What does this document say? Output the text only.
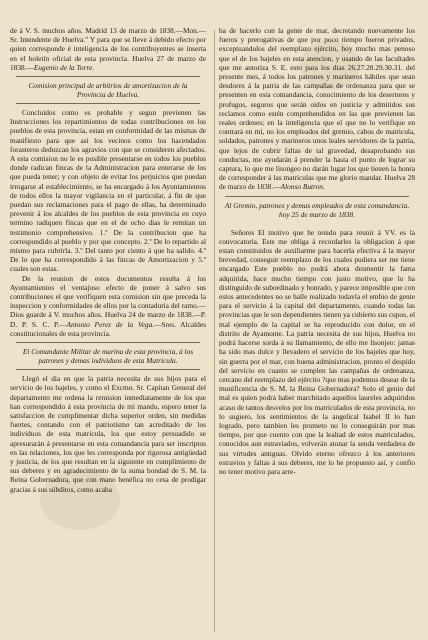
de á V. S. muchos años. Madrid 13 de marzo de 1838.—Mon.—Sr. Intendente de Huelva." Y para que se lleve á debido efecto por quien corresponde é inteligencia de los contribuyentes se inserta en el boletín oficial de esta provincia. Huelva 27 de marzo de 1838.—Eugenio de la Torre.

Comision principal de arbitrios de amortizacion de la Provincia de Huelva.

Concluidos como es probable y segun previenen las Instrucciones los repartimientos de todas contribuciones en los pueblos de esta provincia, estan en conformidad de las mismas de manifiesto para que asi los vecinos como los hacendados forasteros deduzcan los agravios con que se consideren afectados. A esta comision no le es posible presentarse en todos los pueblos donde radican fincas de la Administracion para enterarse de los que pueda tener; y con objeto de evitar los perjuicios que puedan irrogarse al establecimiento, se ha encargado á los Ayuntamientos de todos ellos la mayor vigilancia en el particular, á fin de que puedan sus reclamaciones para el pago de ellas, ha determinado prevenir á los alcaldes de los pueblos de esta provincia en cuyo termino radiquen fincas que en el de ocho dias le remitan un testimonio comprehensivo. 1.º De la contribucion que ha correspondido al pueblo y por que concepto. 2.º De lo repartido al mismo para cubrirla. 3.º Del tanto por ciento á que ha salido. 4.º De lo que ha correspondido á las fincas de Amortizacion y 5.º cuales son estas.

De la reunion de estos documentos resulta á los Ayuntamientos el ventajoso efecto de poner á salvo sus contribuciones el que verifiquen esta comision sin que preceda la inspeccion y conformidades de ellos por la contaduria del ramo.—Dios guarde á V. muchos años. Huelva 24 de marzo de 1838.—P. D. P. S. C. P.—Antonio Perez de la Vega.—Sres. Alcaldes constitucionales de esta provincia.

El Comandante Militar de marina de esta provincia, á los patrones y demas individuos de esta Matricula.

Llegó el dia en que la patria necesita de sus hijos para el servicio de los bajeles, y como el Excmo. Sr. Capitan General del departamento me ordena la remision inmediatamente de los que han correspondido á esta provincia de mi mando, espero tener la satisfaccion de cumplimentar dicha superior orden, sin medidas fuertes, contando con el patriotismo tan acreditado de los individuos de esta matricula, los que estoy persuadido se apresurarán á presentarse en esta comandancia para ser inscriptos en las relaciones, los que les corresponda por rigorosa antigüedad y justicia, de los que resultan en la siguiente en cumplimiento de sus deberes y en agradecimiento de la suma bondad de S. M. la Reina Gobernadora, que con mano benéfica no cesa de prodigar gracias á sus súbditos, como acaba

ba de hacerlo con la gente de mar, decretando nuevamente los fueros y prerogativas de que por poco tiempo fueron privados, exceptuandolos del reemplazo ejército, hoy mucho mas penoso que el de los bajeles en esta atencion, y usando de las facultades que me autoriza S. E. esto para los dias 26.27.28.29.30.31. del presente mes, á todos los patrones y marineros hábiles que sean desdores á la patria de las campañas de ordenanza para que se presenten en esta comandancia, conocimiento de los desertores y profugos, seguros que serán oidos en justicia y admitidos sus reclamos como estén comprehendidos en las que previenen las reales ordenes; en la inteligencia que el que no lo verifique en contrará en mí, no los empleados del gremio, cabos de matricula, soldados, patrones y marineros unos leales servidores de la patria, que lejos de cubrir faltas de tal gravedad, desaprobando sus conductas, me ayudarán á prender la hasta el punto de lograr su captura, lo que me lisongeo no darán lugar los que tienen la honra de corresponder á las matriculas que me glorio mandar. Huelva 28 de marzo de 1838.—Alonso Butron.

Al Gremio, patrones y demas empleados de esta comandancia, hoy 25 de marzo de 1838.

Señores El motivo que he tenido para reunir á VV. es la convocatoria. Este me obliga á recordarles la obligacion á que estan constituidos de auxiliarme para hacerla efectiva á la mayor brevedad, conseguir reemplazo de los cuales pudiera ser me tiene encargado Este pueblo no podrá ahora desmentir la fama adquirida, hace mucho tiempo con justo motivo, que lo ha distinguido de subordinado y honrado, y parece imposible que con estos antecedentes no se halle realizado todavía el embio de gente para el servicio á la capital del departamento, cuando todas las provincias que le son dependientes tienen ya cubierto sus cupos, el mal ejemplo de la capital se ha reproducido con dolor, en el distrito de Ayamonte. La patria necesita de sus hijos, Huelva no podrá hacerse sorda á su llamamiento, de ello me lisonjeo: jamas ha sido mas dulce y llevadero el servicio de los bajeles que hoy, sin guerra por el mar, con buena administracion, pronto el despido del servicio en cuanto se cumplen las campañas de ordenanza, cercano del reemplazo del ejército ?que mas podemos desear de la munificencia de S. M. la Reina Gobernadora? Solo el genio del mal es quien podrá haber marchitado aquellos laureles adquiridos acaso de tantos desvelos por los matriculados de esta provincia, no lo sugiero, los sentimientos de la angelical Isabel II lo han logrado, pero tambien les prometo no lo conseguirán por mas tiempo, por que cuento con que la lealtad de estos matriculados, conocidos aun estraviados, volverán atonar la senda verdadera de sus virtudes antiguas. Olvido eterno ofrezco á los anteriores estravios y faltas á sus deberes, me lo he propuesto así, y confio no tener motivo para arre-
